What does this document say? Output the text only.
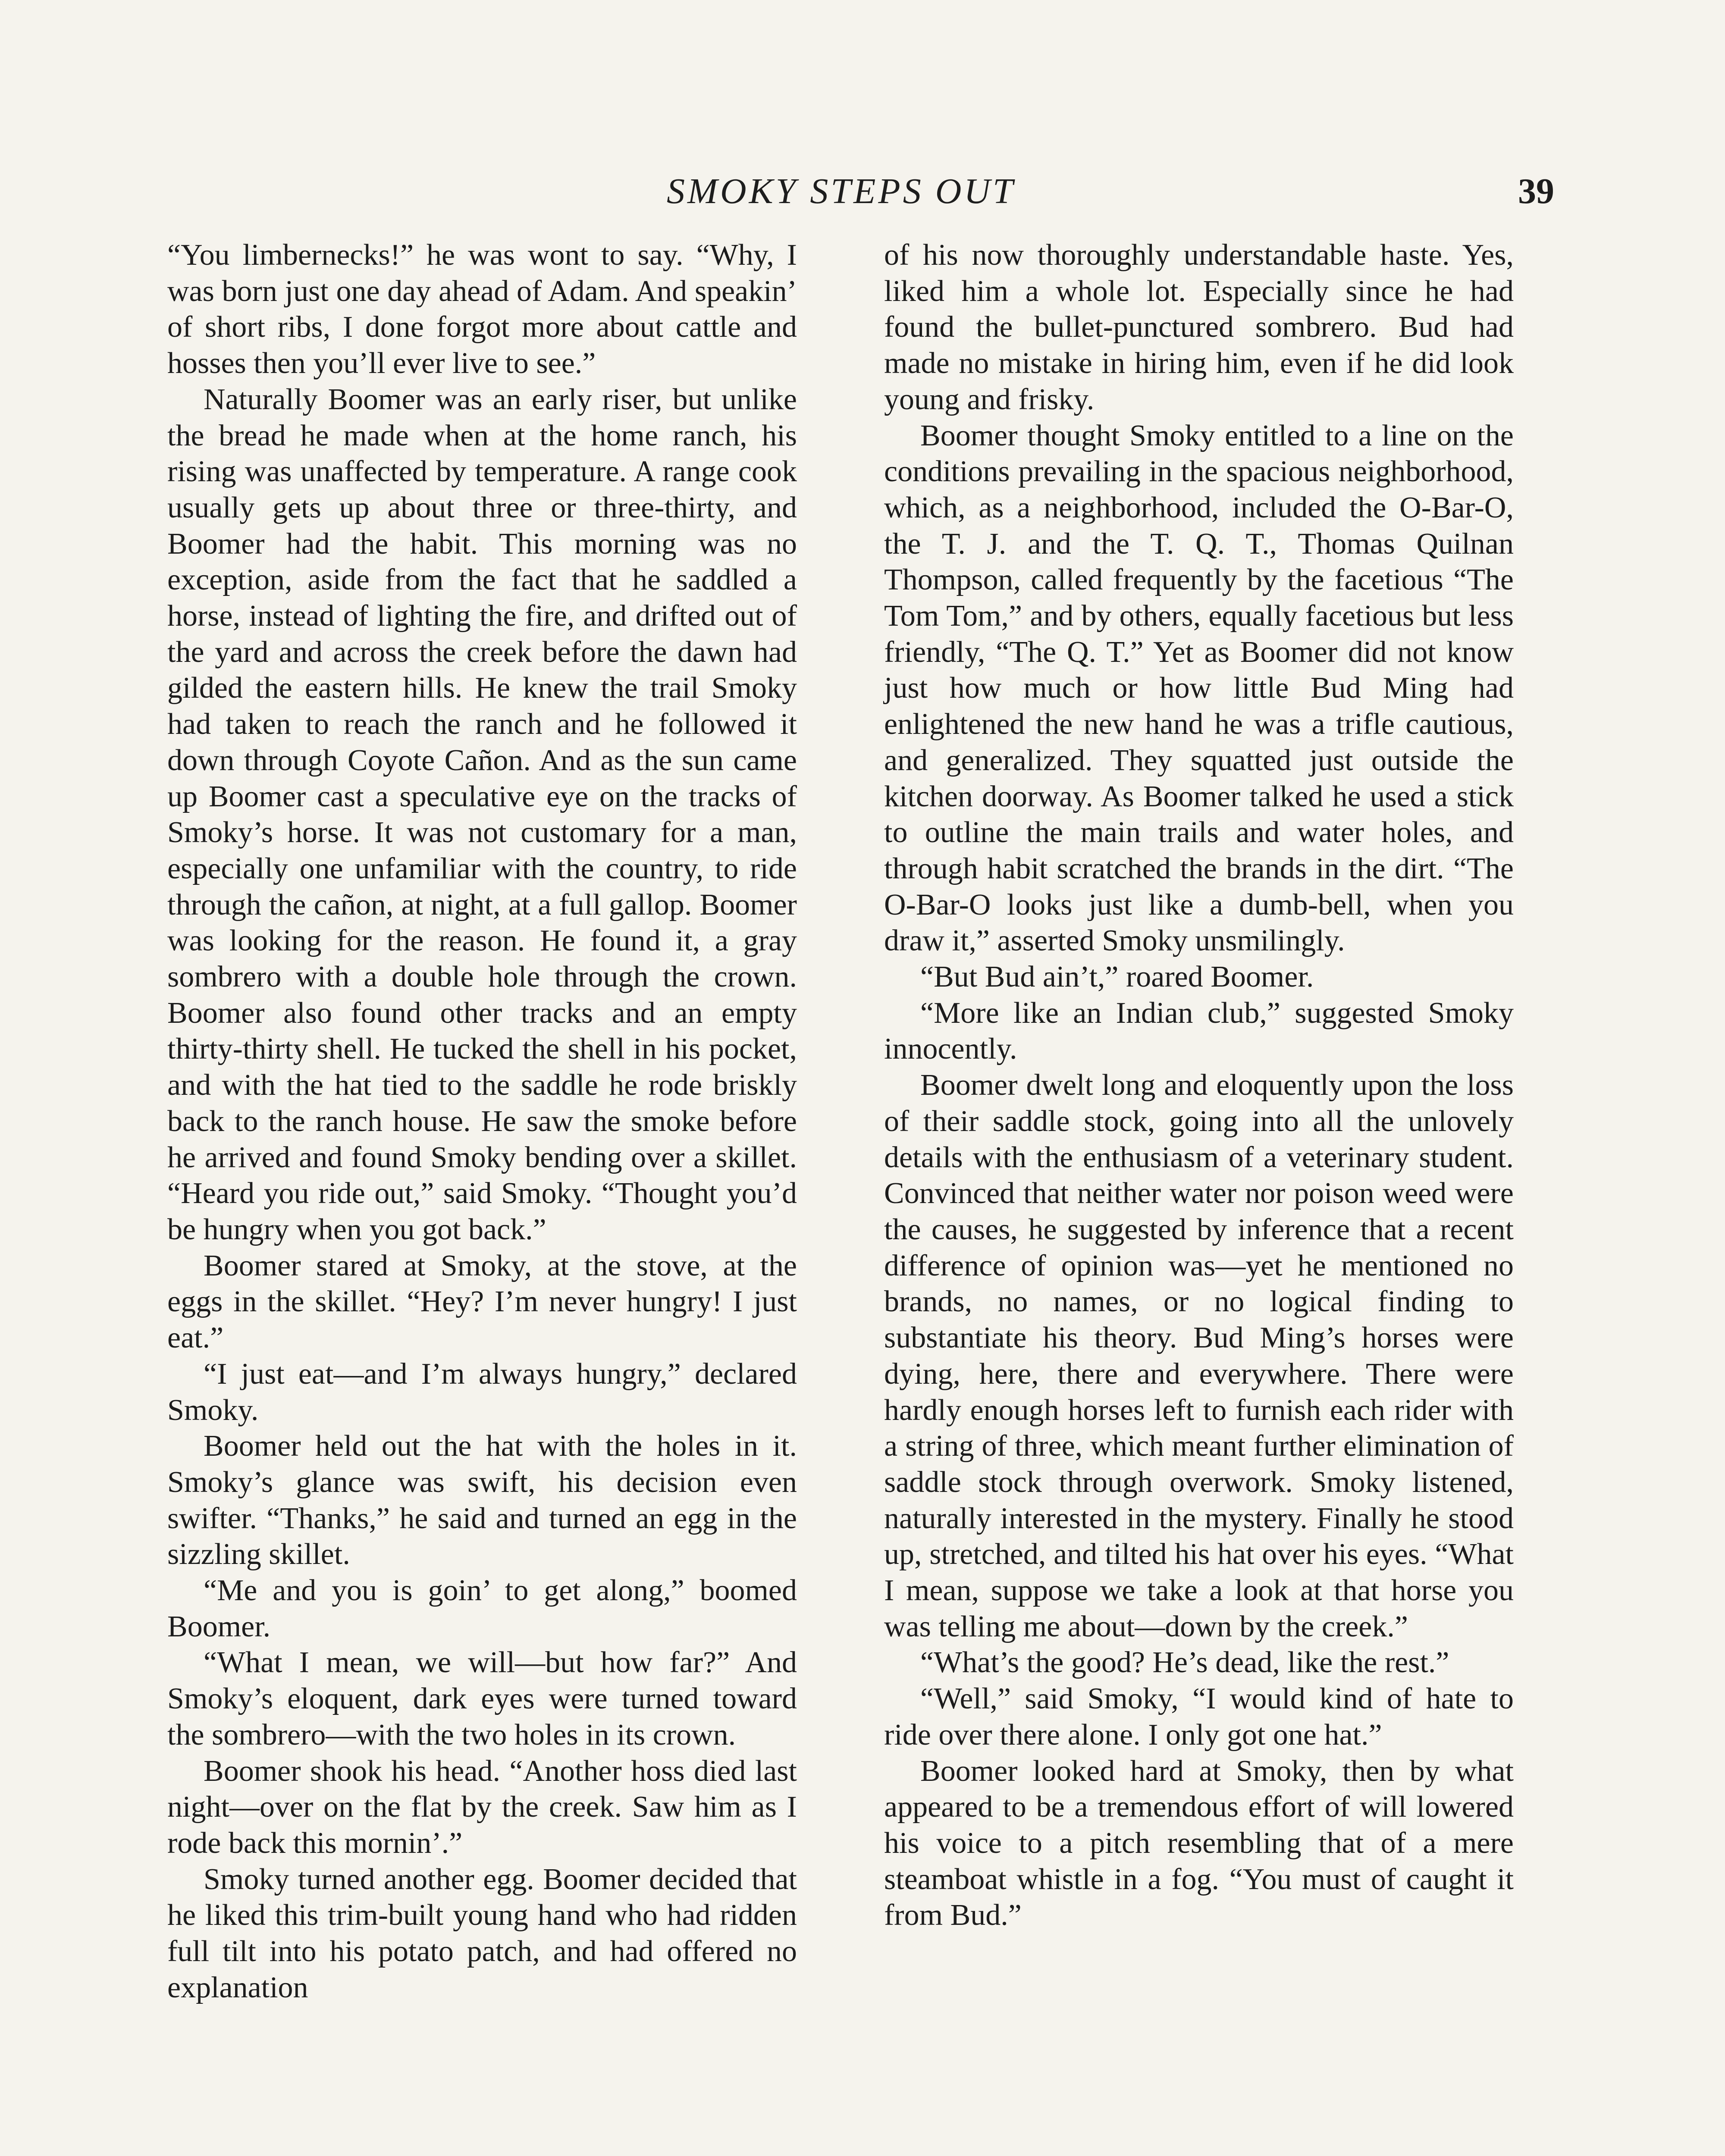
SMOKY STEPS OUT	39

“You limbernecks!” he was wont to say. “Why, I was born just one day ahead of Adam. And speakin’ of short ribs, I done forgot more about cattle and hosses then you’ll ever live to see.”

Naturally Boomer was an early riser, but unlike the bread he made when at the home ranch, his rising was unaffected by temperature. A range cook usually gets up about three or three-thirty, and Boomer had the habit. This morning was no exception, aside from the fact that he saddled a horse, instead of lighting the fire, and drifted out of the yard and across the creek before the dawn had gilded the eastern hills. He knew the trail Smoky had taken to reach the ranch and he followed it down through Coyote Cañon. And as the sun came up Boomer cast a speculative eye on the tracks of Smoky’s horse. It was not customary for a man, especially one unfamiliar with the country, to ride through the cañon, at night, at a full gallop. Boomer was looking for the reason. He found it, a gray sombrero with a double hole through the crown. Boomer also found other tracks and an empty thirty-thirty shell. He tucked the shell in his pocket, and with the hat tied to the saddle he rode briskly back to the ranch house. He saw the smoke before he arrived and found Smoky bending over a skillet. “Heard you ride out,” said Smoky. “Thought you’d be hungry when you got back.”

Boomer stared at Smoky, at the stove, at the eggs in the skillet. “Hey? I’m never hungry! I just eat.”

“I just eat—and I’m always hungry,” declared Smoky.

Boomer held out the hat with the holes in it. Smoky’s glance was swift, his decision even swifter. “Thanks,” he said and turned an egg in the sizzling skillet.

“Me and you is goin’ to get along,” boomed Boomer.

“What I mean, we will—but how far?” And Smoky’s eloquent, dark eyes were turned toward the sombrero—with the two holes in its crown.

Boomer shook his head. “Another hoss died last night—over on the flat by the creek. Saw him as I rode back this mornin’.”

Smoky turned another egg. Boomer decided that he liked this trim-built young hand who had ridden full tilt into his potato patch, and had offered no explanation

of his now thoroughly understandable haste. Yes, liked him a whole lot. Especially since he had found the bullet-punctured sombrero. Bud had made no mistake in hiring him, even if he did look young and frisky.

Boomer thought Smoky entitled to a line on the conditions prevailing in the spacious neighborhood, which, as a neighborhood, included the O-Bar-O, the T. J. and the T. Q. T., Thomas Quilnan Thompson, called frequently by the facetious “The Tom Tom,” and by others, equally facetious but less friendly, “The Q. T.” Yet as Boomer did not know just how much or how little Bud Ming had enlightened the new hand he was a trifle cautious, and generalized. They squatted just outside the kitchen doorway. As Boomer talked he used a stick to outline the main trails and water holes, and through habit scratched the brands in the dirt. “The O-Bar-O looks just like a dumb-bell, when you draw it,” asserted Smoky unsmilingly.

“But Bud ain’t,” roared Boomer.

“More like an Indian club,” suggested Smoky innocently.

Boomer dwelt long and eloquently upon the loss of their saddle stock, going into all the unlovely details with the enthusiasm of a veterinary student. Convinced that neither water nor poison weed were the causes, he suggested by inference that a recent difference of opinion was—yet he mentioned no brands, no names, or no logical finding to substantiate his theory. Bud Ming’s horses were dying, here, there and everywhere. There were hardly enough horses left to furnish each rider with a string of three, which meant further elimination of saddle stock through overwork. Smoky listened, naturally interested in the mystery. Finally he stood up, stretched, and tilted his hat over his eyes. “What I mean, suppose we take a look at that horse you was telling me about—down by the creek.”

“What’s the good? He’s dead, like the rest.”

“Well,” said Smoky, “I would kind of hate to ride over there alone. I only got one hat.”

Boomer looked hard at Smoky, then by what appeared to be a tremendous effort of will lowered his voice to a pitch resembling that of a mere steamboat whistle in a fog. “You must of caught it from Bud.”
